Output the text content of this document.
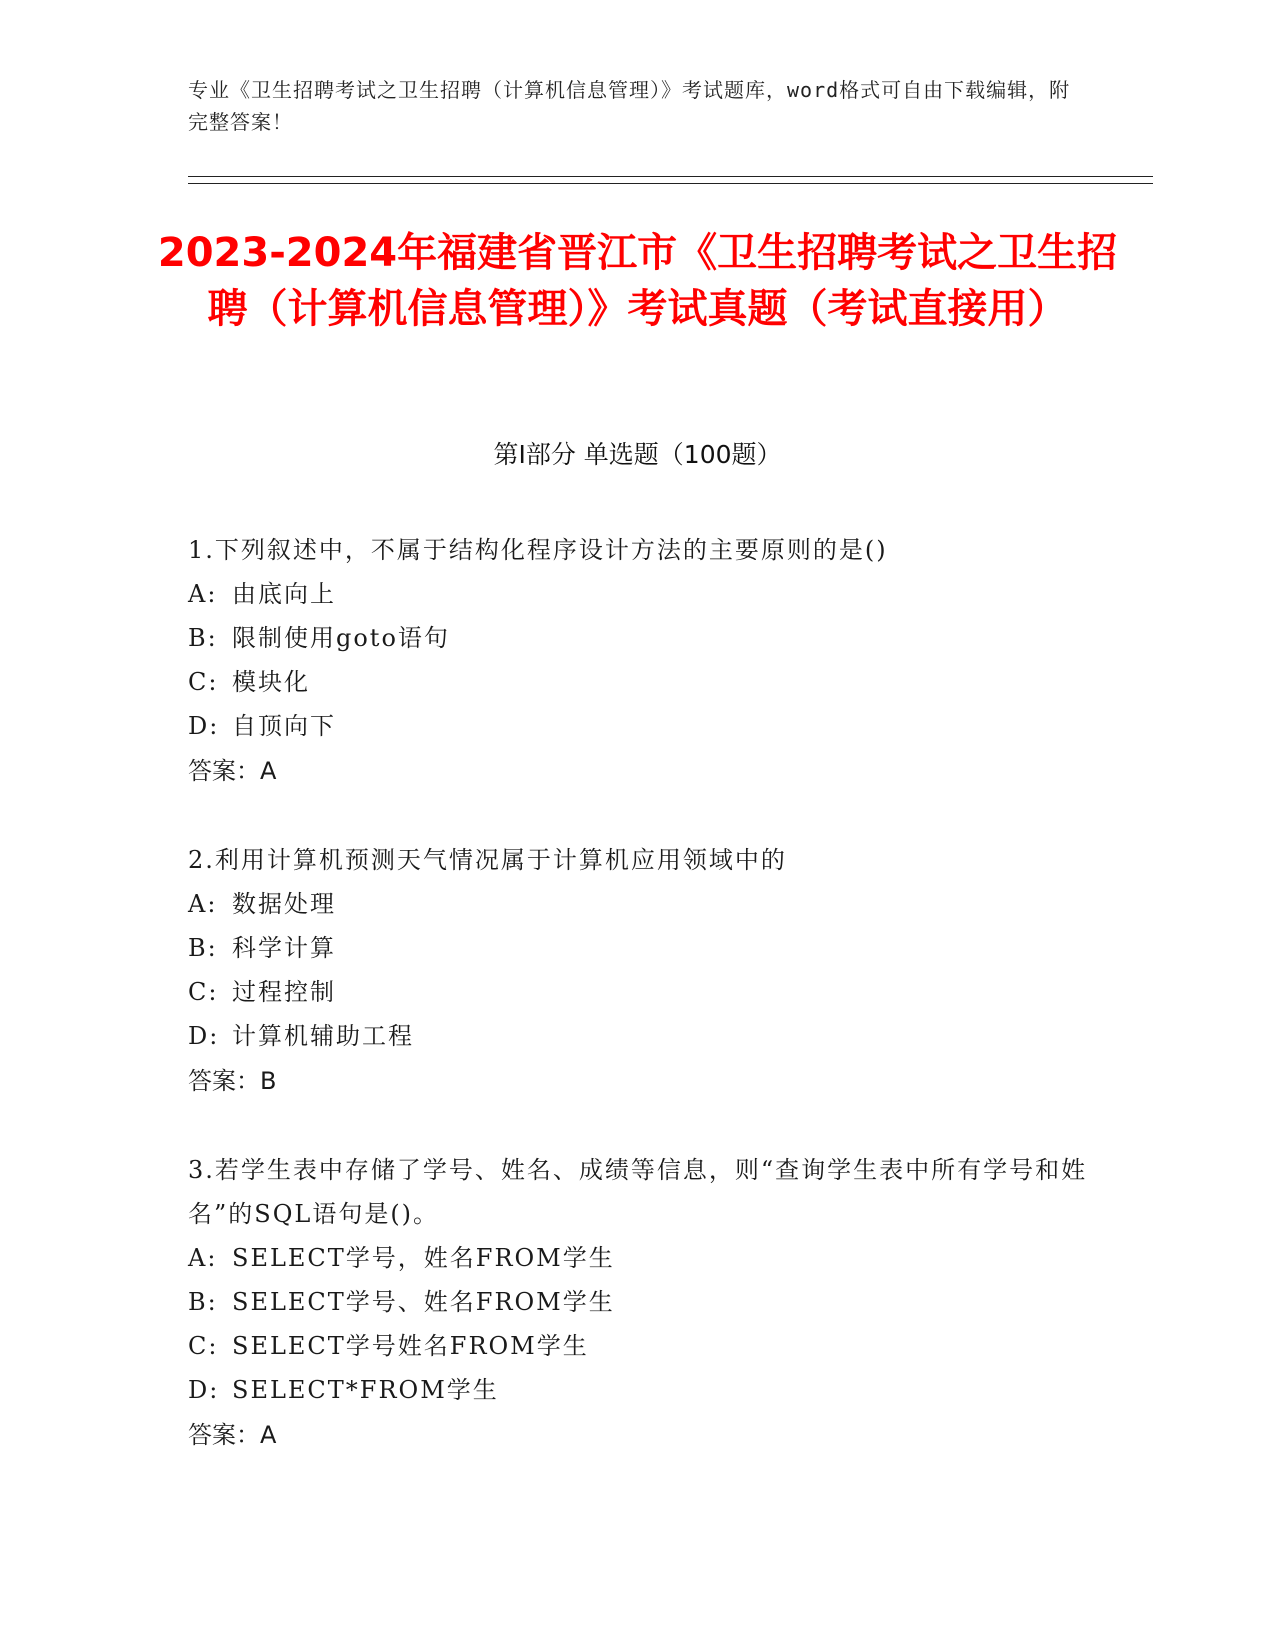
专业《卫生招聘考试之卫生招聘（计算机信息管理）》考试题库，word格式可自由下载编辑，附完整答案！
2023-2024年福建省晋江市《卫生招聘考试之卫生招聘（计算机信息管理）》考试真题（考试直接用）
第Ⅰ部分 单选题（100题）

1.下列叙述中，不属于结构化程序设计方法的主要原则的是()

A: 由底向上

B: 限制使用goto语句

C: 模块化

D: 自顶向下

答案：A

2.利用计算机预测天气情况属于计算机应用领域中的

A: 数据处理

B: 科学计算

C: 过程控制

D: 计算机辅助工程

答案：B

3.若学生表中存储了学号、姓名、成绩等信息，则“查询学生表中所有学号和姓名”的SQL语句是()。

A: SELECT学号，姓名FROM学生

B: SELECT学号、姓名FROM学生

C: SELECT学号姓名FROM学生

D: SELECT*FROM学生

答案：A
